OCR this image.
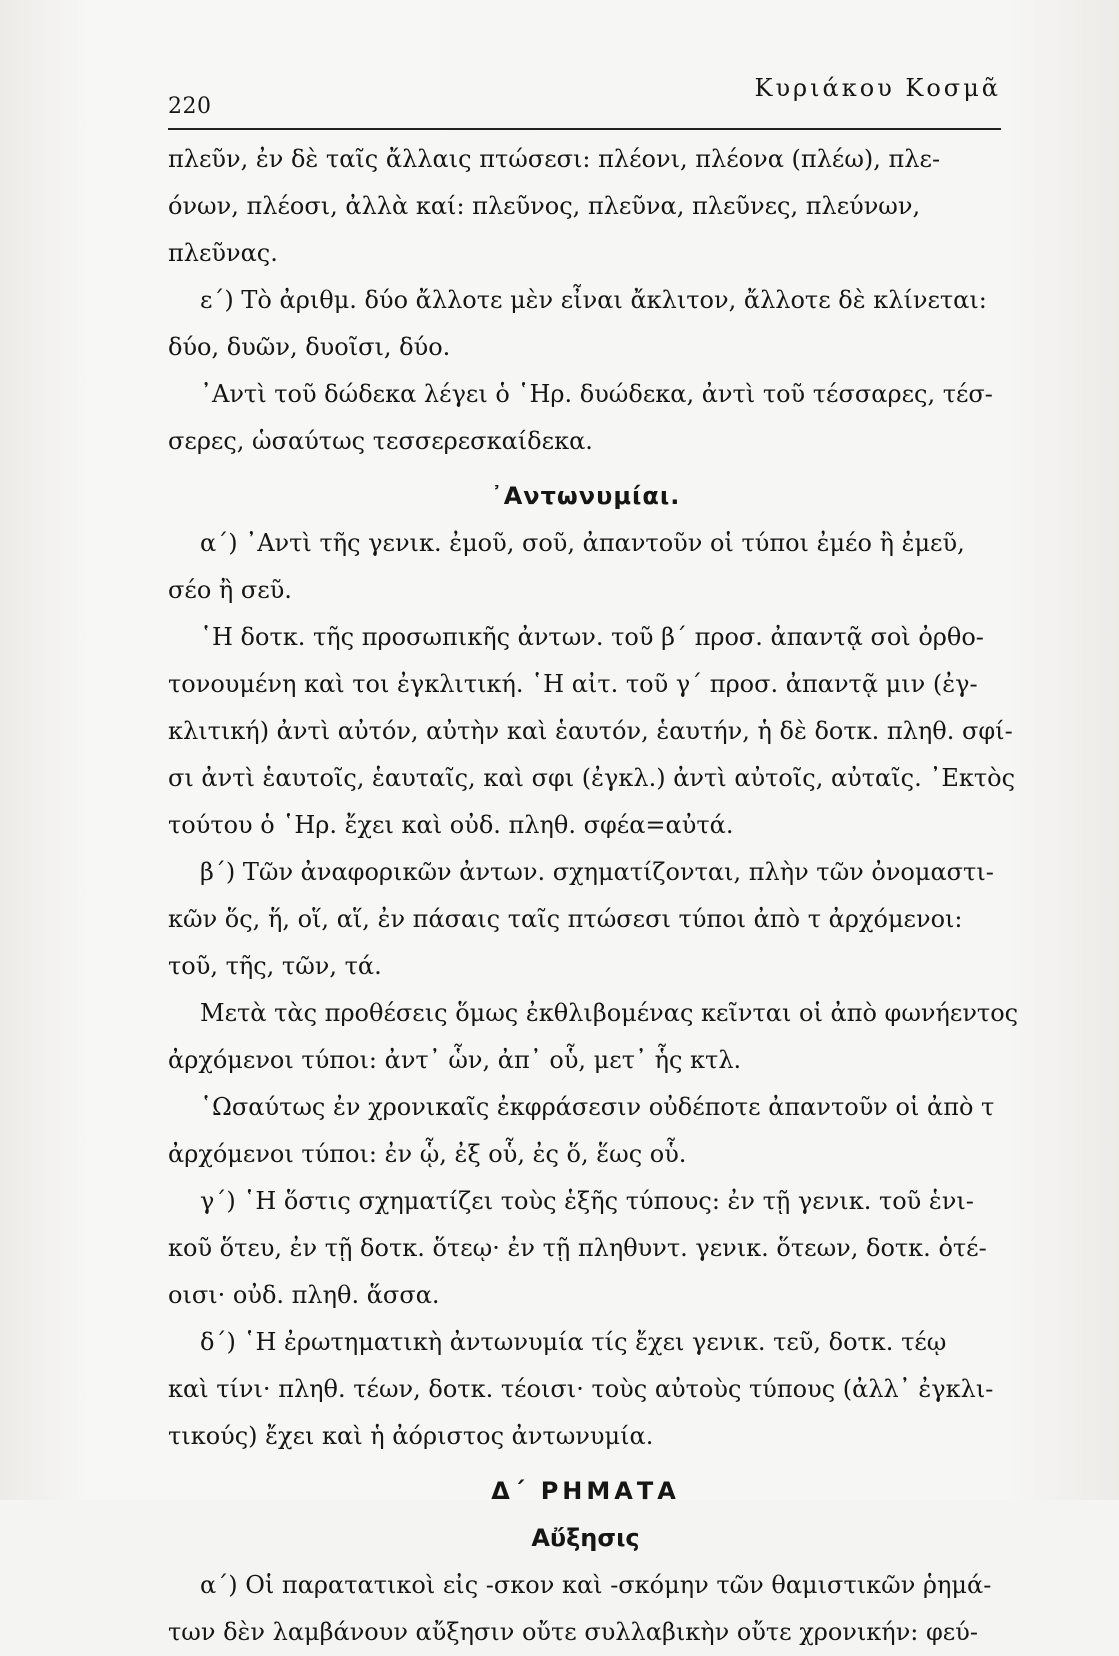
220
Κυριάκου Κοσμᾶ
πλεῦν, ἐν δὲ ταῖς ἄλλαις πτώσεσι: πλέονι, πλέονα (πλέω), πλε-
όνων, πλέοσι, ἀλλὰ καί: πλεῦνος, πλεῦνα, πλεῦνες, πλεύνων,
πλεῦνας.
ε΄) Τὸ ἀριθμ. δύο ἄλλοτε μὲν εἶναι ἄκλιτον, ἄλλοτε δὲ κλίνεται:
δύο, δυῶν, δυοῖσι, δύο.
᾿Αντὶ τοῦ δώδεκα λέγει ὁ ῾Ηρ. δυώδεκα, ἀντὶ τοῦ τέσσαρες, τέσ-
σερες, ὡσαύτως τεσσερεσκαίδεκα.
᾿Αντωνυμίαι.
α΄) ᾿Αντὶ τῆς γενικ. ἐμοῦ, σοῦ, ἀπαντοῦν οἱ τύποι ἐμέο ἢ ἐμεῦ,
σέο ἢ σεῦ.
῾Η δοτκ. τῆς προσωπικῆς ἀντων. τοῦ β΄ προσ. ἀπαντᾷ σοὶ ὀρθο-
τονουμένη καὶ τοι ἐγκλιτική. ῾Η αἰτ. τοῦ γ΄ προσ. ἀπαντᾷ μιν (ἐγ-
κλιτική) ἀντὶ αὐτόν, αὐτὴν καὶ ἑαυτόν, ἑαυτήν, ἡ δὲ δοτκ. πληθ. σφί-
σι ἀντὶ ἑαυτοῖς, ἑαυταῖς, καὶ σφι (ἐγκλ.) ἀντὶ αὐτοῖς, αὐταῖς. ᾿Εκτὸς
τούτου ὁ ῾Ηρ. ἔχει καὶ οὐδ. πληθ. σφέα=αὐτά.
β΄) Τῶν ἀναφορικῶν ἀντων. σχηματίζονται, πλὴν τῶν ὀνομαστι-
κῶν ὅς, ἥ, οἵ, αἵ, ἐν πάσαις ταῖς πτώσεσι τύποι ἀπὸ τ ἀρχόμενοι:
τοῦ, τῆς, τῶν, τά.
Μετὰ τὰς προθέσεις ὅμως ἐκθλιβομένας κεῖνται οἱ ἀπὸ φωνήεντος
ἀρχόμενοι τύποι: ἀντ᾿ ὧν, ἀπ᾿ οὗ, μετ᾿ ἧς κτλ.
῾Ωσαύτως ἐν χρονικαῖς ἐκφράσεσιν οὐδέποτε ἀπαντοῦν οἱ ἀπὸ τ
ἀρχόμενοι τύποι: ἐν ᾧ, ἐξ οὗ, ἐς ὅ, ἕως οὗ.
γ΄) ῾Η ὅστις σχηματίζει τοὺς ἑξῆς τύπους: ἐν τῇ γενικ. τοῦ ἑνι-
κοῦ ὅτευ, ἐν τῇ δοτκ. ὅτεῳ· ἐν τῇ πληθυντ. γενικ. ὅτεων, δοτκ. ὁτέ-
οισι· οὐδ. πληθ. ἅσσα.
δ΄) ῾Η ἐρωτηματικὴ ἀντωνυμία τίς ἔχει γενικ. τεῦ, δοτκ. τέῳ
καὶ τίνι· πληθ. τέων, δοτκ. τέοισι· τοὺς αὐτοὺς τύπους (ἀλλ᾿ ἐγκλι-
τικούς) ἔχει καὶ ἡ ἀόριστος ἀντωνυμία.
Δ΄ ΡΗΜΑΤΑ
Αὔξησις
α΄) Οἱ παρατατικοὶ εἰς -σκον καὶ -σκόμην τῶν θαμιστικῶν ῥημά-
των δὲν λαμβάνουν αὔξησιν οὔτε συλλαβικὴν οὔτε χρονικήν: φεύ-
